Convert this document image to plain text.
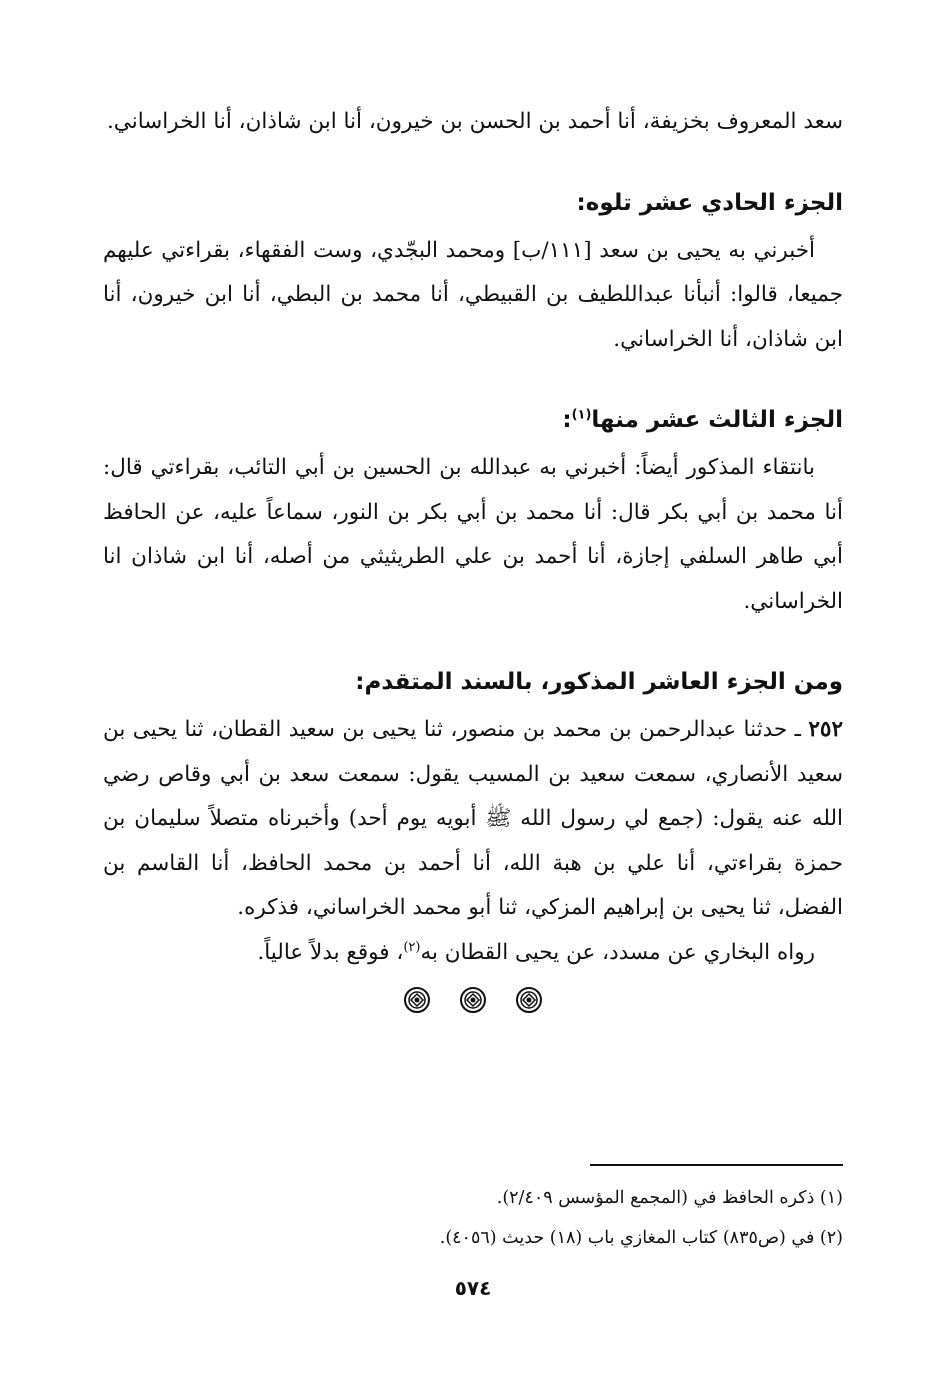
سعد المعروف بخزيفة، أنا أحمد بن الحسن بن خيرون، أنا ابن شاذان، أنا الخراساني.

الجزء الحادي عشر تلوه:

أخبرني به يحيى بن سعد [١١١/ب] ومحمد البجّدي، وست الفقهاء، بقراءتي عليهم جميعا، قالوا: أنبأنا عبداللطيف بن القبيطي، أنا محمد بن البطي، أنا ابن خيرون، أنا ابن شاذان، أنا الخراساني.

الجزء الثالث عشر منها$^{(١)}$:

بانتقاء المذكور أيضاً: أخبرني به عبدالله بن الحسين بن أبي التائب، بقراءتي قال: أنا محمد بن أبي بكر قال: أنا محمد بن أبي بكر بن النور، سماعاً عليه، عن الحافظ أبي طاهر السلفي إجازة، أنا أحمد بن علي الطريثيثي من أصله، أنا ابن شاذان انا الخراساني.

ومن الجزء العاشر المذكور، بالسند المتقدم:

٢٥٢ ـ حدثنا عبدالرحمن بن محمد بن منصور، ثنا يحيى بن سعيد القطان، ثنا يحيى بن سعيد الأنصاري، سمعت سعيد بن المسيب يقول: سمعت سعد بن أبي وقاص رضي الله عنه يقول: (جمع لي رسول الله ﷺ أبويه يوم أحد) وأخبرناه متصلاً سليمان بن حمزة بقراءتي، أنا علي بن هبة الله، أنا أحمد بن محمد الحافظ، أنا القاسم بن الفضل، ثنا يحيى بن إبراهيم المزكي، ثنا أبو محمد الخراساني، فذكره.

رواه البخاري عن مسدد، عن يحيى القطان به$^{(٢)}$، فوقع بدلاً عالياً.

(١) ذكره الحافظ في (المجمع المؤسس ٢/٤٠٩).

(٢) في (ص٨٣٥) كتاب المغازي باب (١٨) حديث (٤٠٥٦).

٥٧٤
